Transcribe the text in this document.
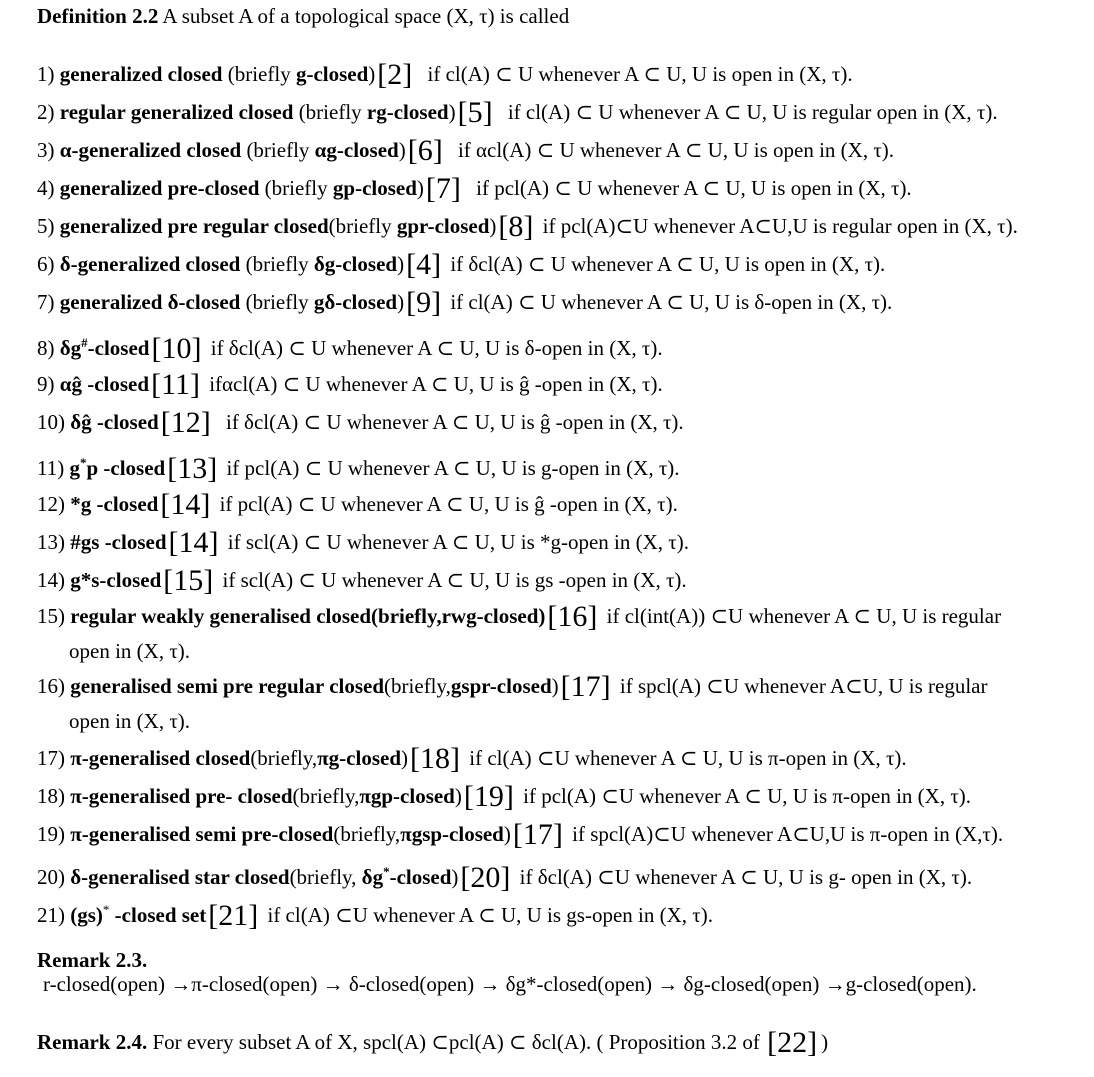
Definition 2.2 A subset A of a topological space (X, τ) is called
1) generalized closed (briefly g-closed) [ 2 ] if cl(A) ⊂ U whenever A ⊂ U, U is open in (X, τ).
2) regular generalized closed (briefly rg-closed) [ 5 ] if cl(A) ⊂ U whenever A ⊂ U, U is regular open in (X, τ).
3) α-generalized closed (briefly αg-closed) [ 6 ] if αcl(A) ⊂ U whenever A ⊂ U, U is open in (X, τ).
4) generalized pre-closed (briefly gp-closed) [ 7 ] if pcl(A) ⊂ U whenever A ⊂ U, U is open in (X, τ).
5) generalized pre regular closed(briefly gpr-closed) [ 8 ] if pcl(A)⊂U whenever A⊂U,U is regular open in (X, τ).
6) δ-generalized closed (briefly δg-closed) [ 4 ] if δcl(A) ⊂ U whenever A ⊂ U, U is open in (X, τ).
7) generalized δ-closed (briefly gδ-closed) [ 9 ] if cl(A) ⊂ U whenever A ⊂ U, U is δ-open in (X, τ).
8) δg#-closed [ 10 ] if δcl(A) ⊂ U whenever A ⊂ U, U is δ-open in (X, τ).
9) αĝ -closed [ 11 ] ifαcl(A) ⊂ U whenever A ⊂ U, U is ĝ -open in (X, τ).
10) δĝ -closed [ 12 ] if δcl(A) ⊂ U whenever A ⊂ U, U is ĝ -open in (X, τ).
11) g*p -closed [ 13 ] if pcl(A) ⊂ U whenever A ⊂ U, U is g-open in (X, τ).
12) *g -closed [ 14 ] if pcl(A) ⊂ U whenever A ⊂ U, U is ĝ -open in (X, τ).
13) #gs -closed [ 14 ] if scl(A) ⊂ U whenever A ⊂ U, U is *g-open in (X, τ).
14) g*s-closed [ 15 ] if scl(A) ⊂ U whenever A ⊂ U, U is gs -open in (X, τ).
15) regular weakly generalised closed(briefly,rwg-closed) [ 16 ] if cl(int(A)) ⊂U whenever A ⊂ U, U is regular
open in (X, τ).
16) generalised semi pre regular closed(briefly,gspr-closed) [ 17 ] if spcl(A) ⊂U whenever A⊂U, U is regular
open in (X, τ).
17) π-generalised closed(briefly,πg-closed) [ 18 ] if cl(A) ⊂U whenever A ⊂ U, U is π-open in (X, τ).
18) π-generalised pre- closed(briefly,πgp-closed) [ 19 ] if pcl(A) ⊂U whenever A ⊂ U, U is π-open in (X, τ).
19) π-generalised semi pre-closed(briefly,πgsp-closed) [ 17 ] if spcl(A)⊂U whenever A⊂U,U is π-open in (X,τ).
20) δ-generalised star closed(briefly, δg*-closed) [ 20 ] if δcl(A) ⊂U whenever A ⊂ U, U is g- open in (X, τ).
21) (gs)* -closed set [ 21 ] if cl(A) ⊂U whenever A ⊂ U, U is gs-open in (X, τ).
Remark 2.3.
r-closed(open) →π-closed(open) → δ-closed(open) → δg*-closed(open) → δg-closed(open) →g-closed(open).
Remark 2.4. For every subset A of X, spcl(A) ⊂pcl(A) ⊂ δcl(A). ( Proposition 3.2 of [ 22 ] )
